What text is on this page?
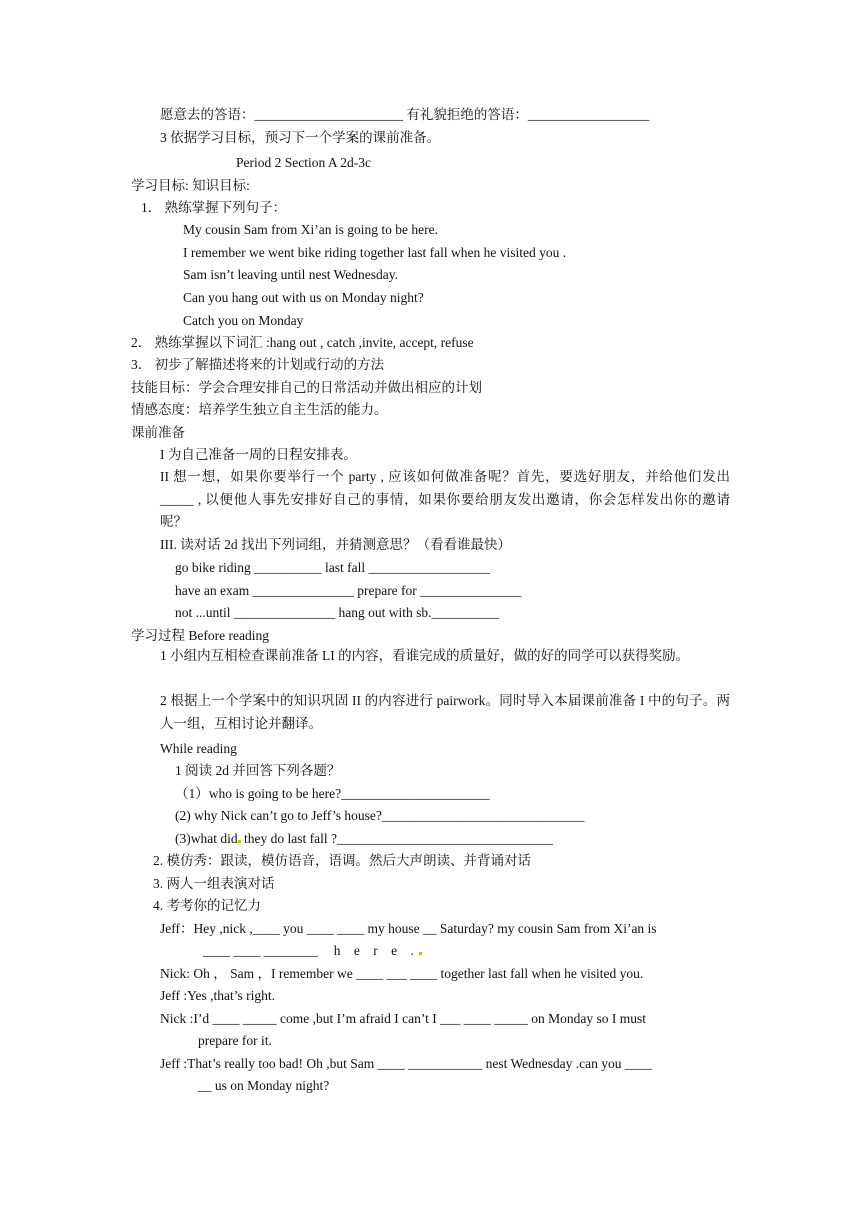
愿意去的答语：______________________ 有礼貌拒绝的答语：__________________
3 依据学习目标，预习下一个学案的课前准备。
Period 2 Section A 2d-3c
学习目标: 知识目标:
1． 熟练掌握下列句子：
My cousin Sam from Xi’an is going to be here.
I remember we went bike riding together last fall when he visited you .
Sam isn’t leaving until nest Wednesday.
Can you hang out with us on Monday night?
Catch you on Monday
2． 熟练掌握以下词汇 :hang out , catch ,invite, accept, refuse
3． 初步了解描述将来的计划或行动的方法
技能目标：学会合理安排自己的日常活动并做出相应的计划
情感态度：培养学生独立自主生活的能力。
课前准备
I 为自己准备一周的日程安排表。
II 想一想，如果你要举行一个 party , 应该如何做准备呢？首先，要选好朋友，并给他们发出_____ , 以便他人事先安排好自己的事情，如果你要给朋友发出邀请，你会怎样发出你的邀请呢？
III. 读对话 2d 找出下列词组，并猜测意思？（看看谁最快）
go bike riding __________ last fall __________________
have an exam _______________ prepare for _______________
not ...until _______________ hang out with sb.__________
学习过程 Before reading
1 小组内互相检查课前准备 LI 的内容，看谁完成的质量好，做的好的同学可以获得奖励。
2 根据上一个学案中的知识巩固 II 的内容进行 pairwork。同时导入本届课前准备 I 中的句子。两人一组，互相讨论并翻译。
While reading
1 阅读 2d 并回答下列各题？
（1）who is going to be here?______________________
(2) why Nick can’t go to Jeff’s house?______________________________
(3)what did they do last fall ?________________________________
2. 模仿秀：跟读，模仿语音，语调。然后大声朗读、并背诵对话
3. 两人一组表演对话
4. 考考你的记忆力
Jeff：Hey ,nick ,____ you ____ ____ my house __ Saturday? my cousin Sam from Xi’an is
____ ____ ________ h e r e .
Nick: Oh ， Sam ，I remember we ____ ___ ____ together last fall when he visited you.
Jeff :Yes ,that’s right.
Nick :I’d ____ _____ come ,but I’m afraid I can’t I ___ ____ _____ on Monday so I must
prepare for it.
Jeff :That’s really too bad! Oh ,but Sam ____ ___________ nest Wednesday .can you ____
__ us on Monday night?
